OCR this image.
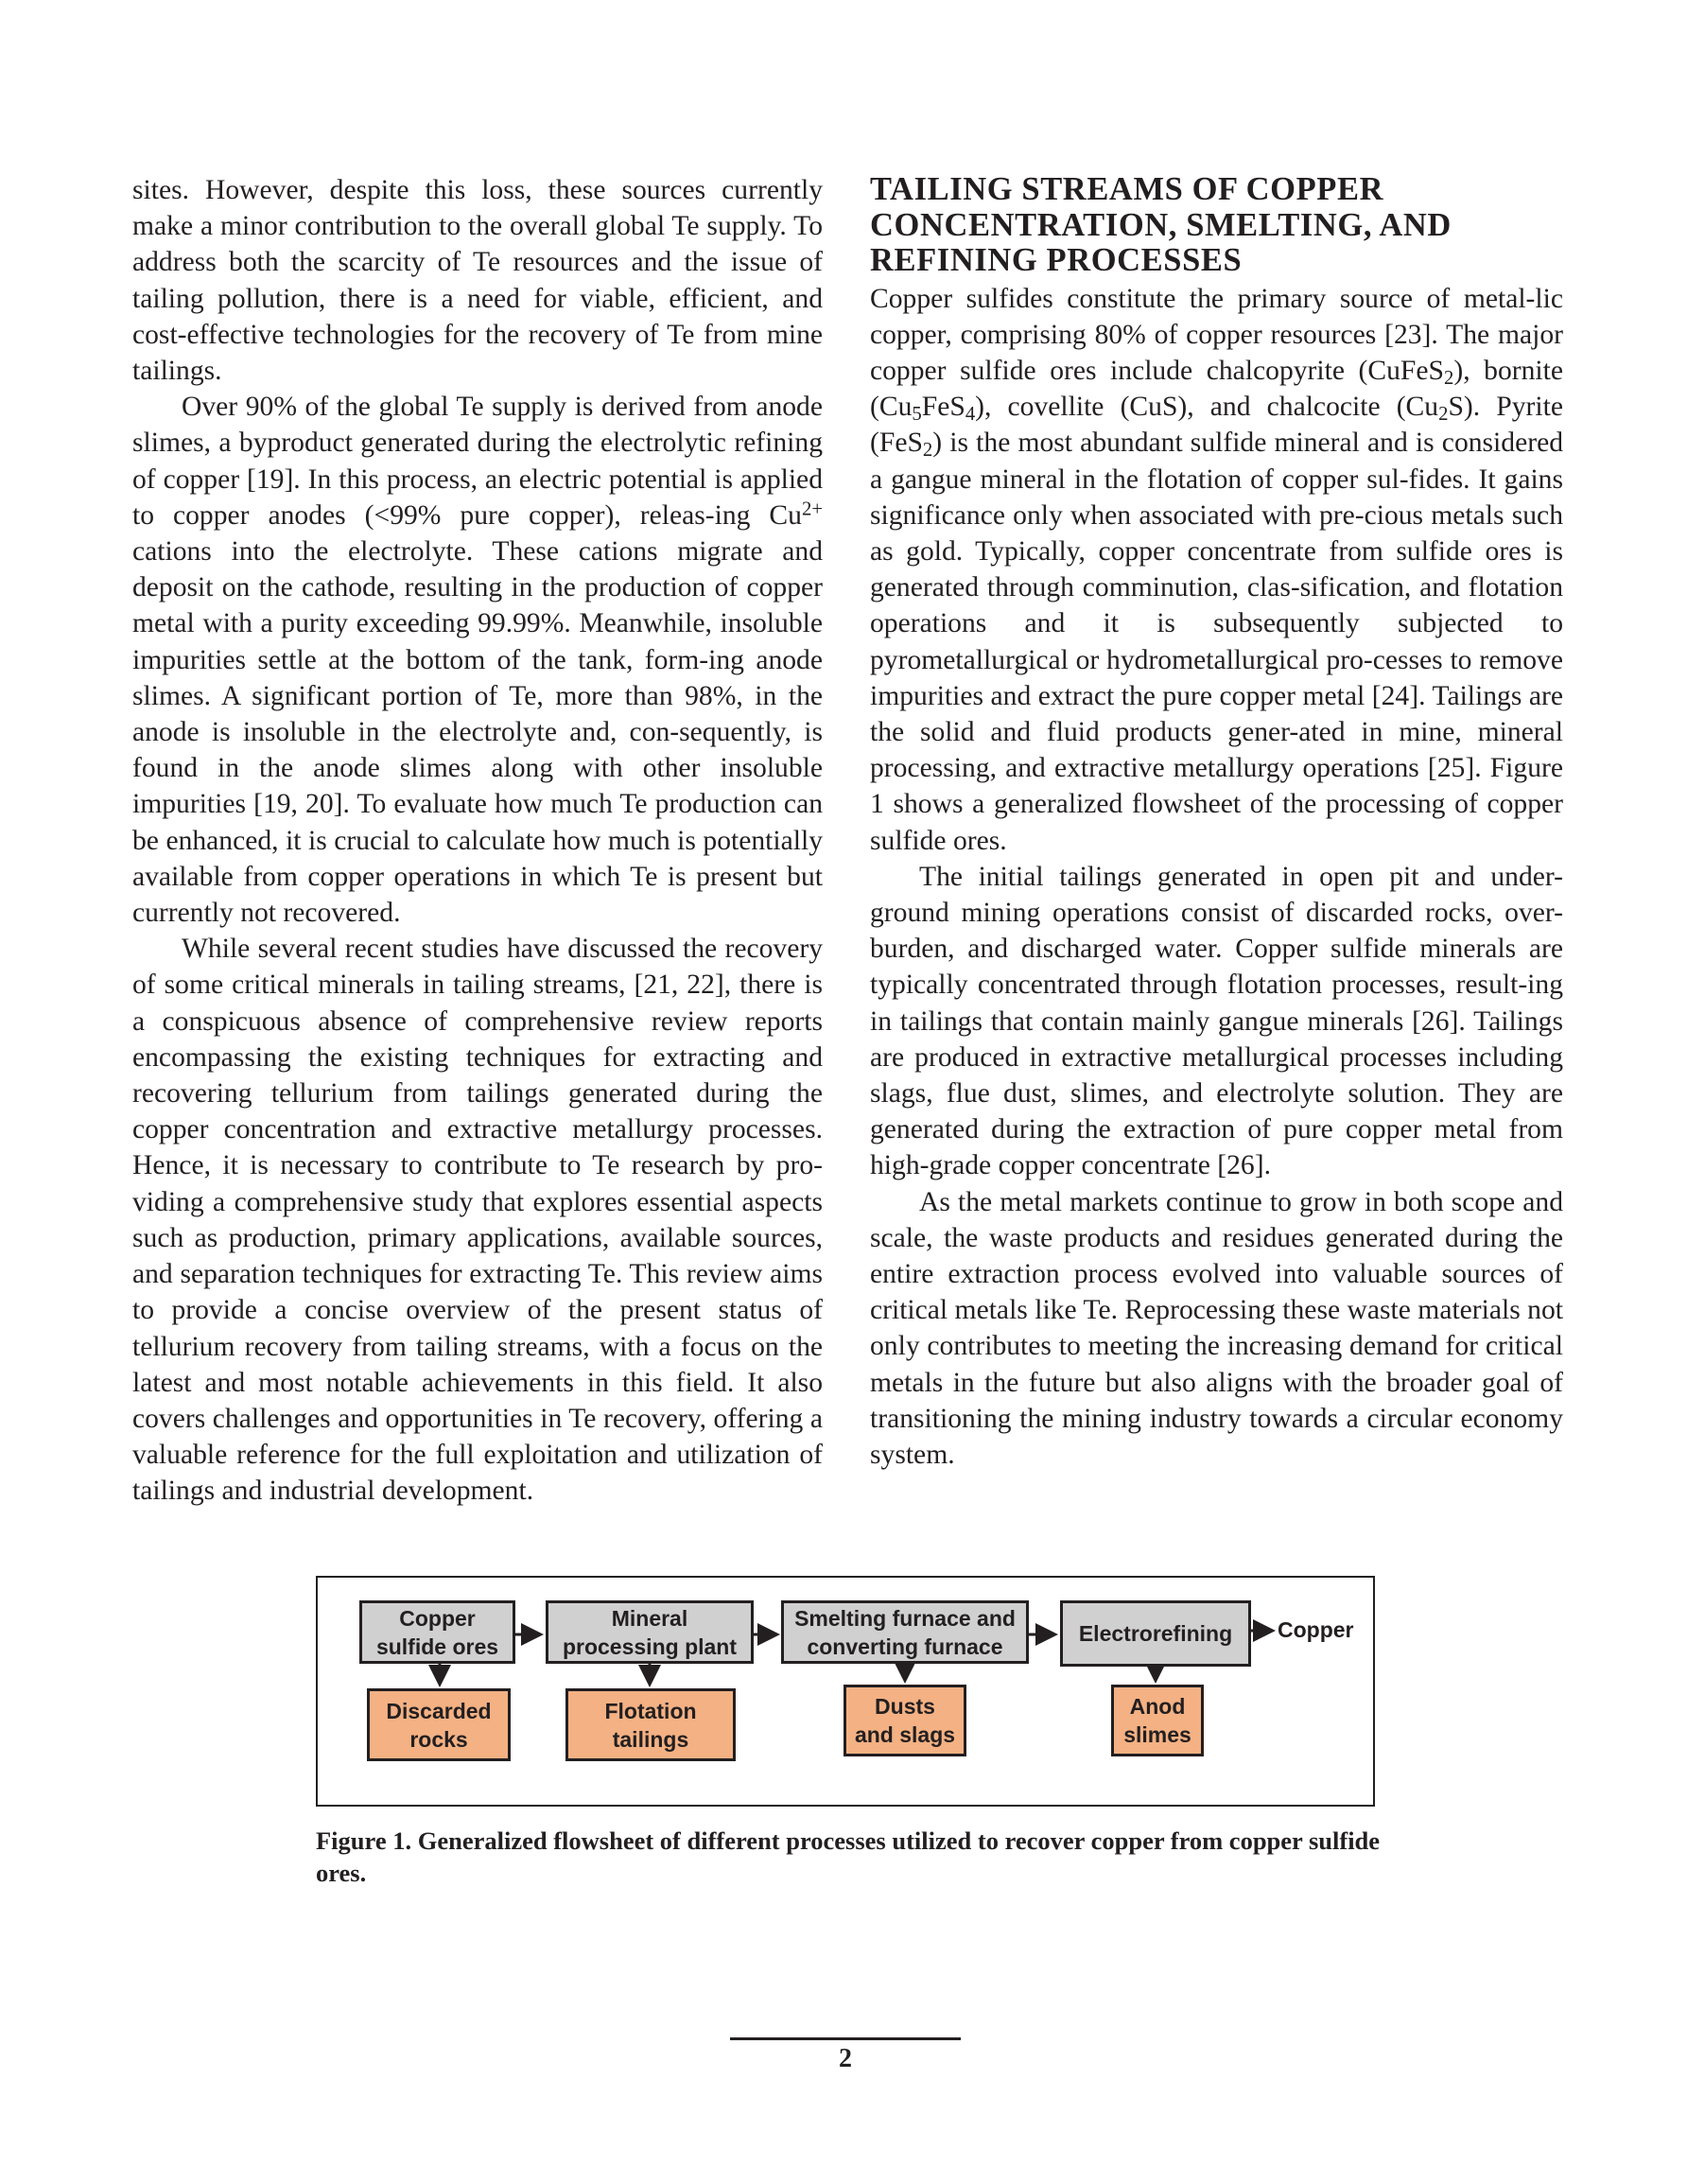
sites. However, despite this loss, these sources currently make a minor contribution to the overall global Te supply. To address both the scarcity of Te resources and the issue of tailing pollution, there is a need for viable, efficient, and cost-effective technologies for the recovery of Te from mine tailings.

Over 90% of the global Te supply is derived from anode slimes, a byproduct generated during the electrolytic refining of copper [19]. In this process, an electric potential is applied to copper anodes (<99% pure copper), releas-ing $Cu^{2+}$ cations into the electrolyte. These cations migrate and deposit on the cathode, resulting in the production of copper metal with a purity exceeding 99.99%. Meanwhile, insoluble impurities settle at the bottom of the tank, form-ing anode slimes. A significant portion of Te, more than 98%, in the anode is insoluble in the electrolyte and, con-sequently, is found in the anode slimes along with other insoluble impurities [19, 20]. To evaluate how much Te production can be enhanced, it is crucial to calculate how much is potentially available from copper operations in which Te is present but currently not recovered.

While several recent studies have discussed the recovery of some critical minerals in tailing streams, [21, 22], there is a conspicuous absence of comprehensive review reports encompassing the existing techniques for extracting and recovering tellurium from tailings generated during the copper concentration and extractive metallurgy processes. Hence, it is necessary to contribute to Te research by pro-viding a comprehensive study that explores essential aspects such as production, primary applications, available sources, and separation techniques for extracting Te. This review aims to provide a concise overview of the present status of tellurium recovery from tailing streams, with a focus on the latest and most notable achievements in this field. It also covers challenges and opportunities in Te recovery, offering a valuable reference for the full exploitation and utilization of tailings and industrial development.

TAILING STREAMS OF COPPER CONCENTRATION, SMELTING, AND REFINING PROCESSES

Copper sulfides constitute the primary source of metal-lic copper, comprising 80% of copper resources [23]. The major copper sulfide ores include chalcopyrite (CuFeS$_2$), bornite $(Cu_5FeS_4)$, covellite (CuS), and chalcocite $(Cu_2S)$. Pyrite (FeS$_2$) is the most abundant sulfide mineral and is considered a gangue mineral in the flotation of copper sul-fides. It gains significance only when associated with pre-cious metals such as gold. Typically, copper concentrate from sulfide ores is generated through comminution, clas-sification, and flotation operations and it is subsequently subjected to pyrometallurgical or hydrometallurgical pro-cesses to remove impurities and extract the pure copper metal [24]. Tailings are the solid and fluid products gener-ated in mine, mineral processing, and extractive metallurgy operations [25]. Figure 1 shows a generalized flowsheet of the processing of copper sulfide ores.

The initial tailings generated in open pit and under-ground mining operations consist of discarded rocks, over-burden, and discharged water. Copper sulfide minerals are typically concentrated through flotation processes, result-ing in tailings that contain mainly gangue minerals [26]. Tailings are produced in extractive metallurgical processes including slags, flue dust, slimes, and electrolyte solution. They are generated during the extraction of pure copper metal from high-grade copper concentrate [26].

As the metal markets continue to grow in both scope and scale, the waste products and residues generated during the entire extraction process evolved into valuable sources of critical metals like Te. Reprocessing these waste materials not only contributes to meeting the increasing demand for critical metals in the future but also aligns with the broader goal of transitioning the mining industry towards a circular economy system.

Copper
sulfide ores
Mineral
processing plant
Smelting furnace and
converting furnace
Electrorefining Copper
Discarded
rocks
Flotation
tailings
Dusts
and slags
Anod
slimes
Figure 1. Generalized flowsheet of different processes utilized to recover copper from copper sulfide ores.
2
